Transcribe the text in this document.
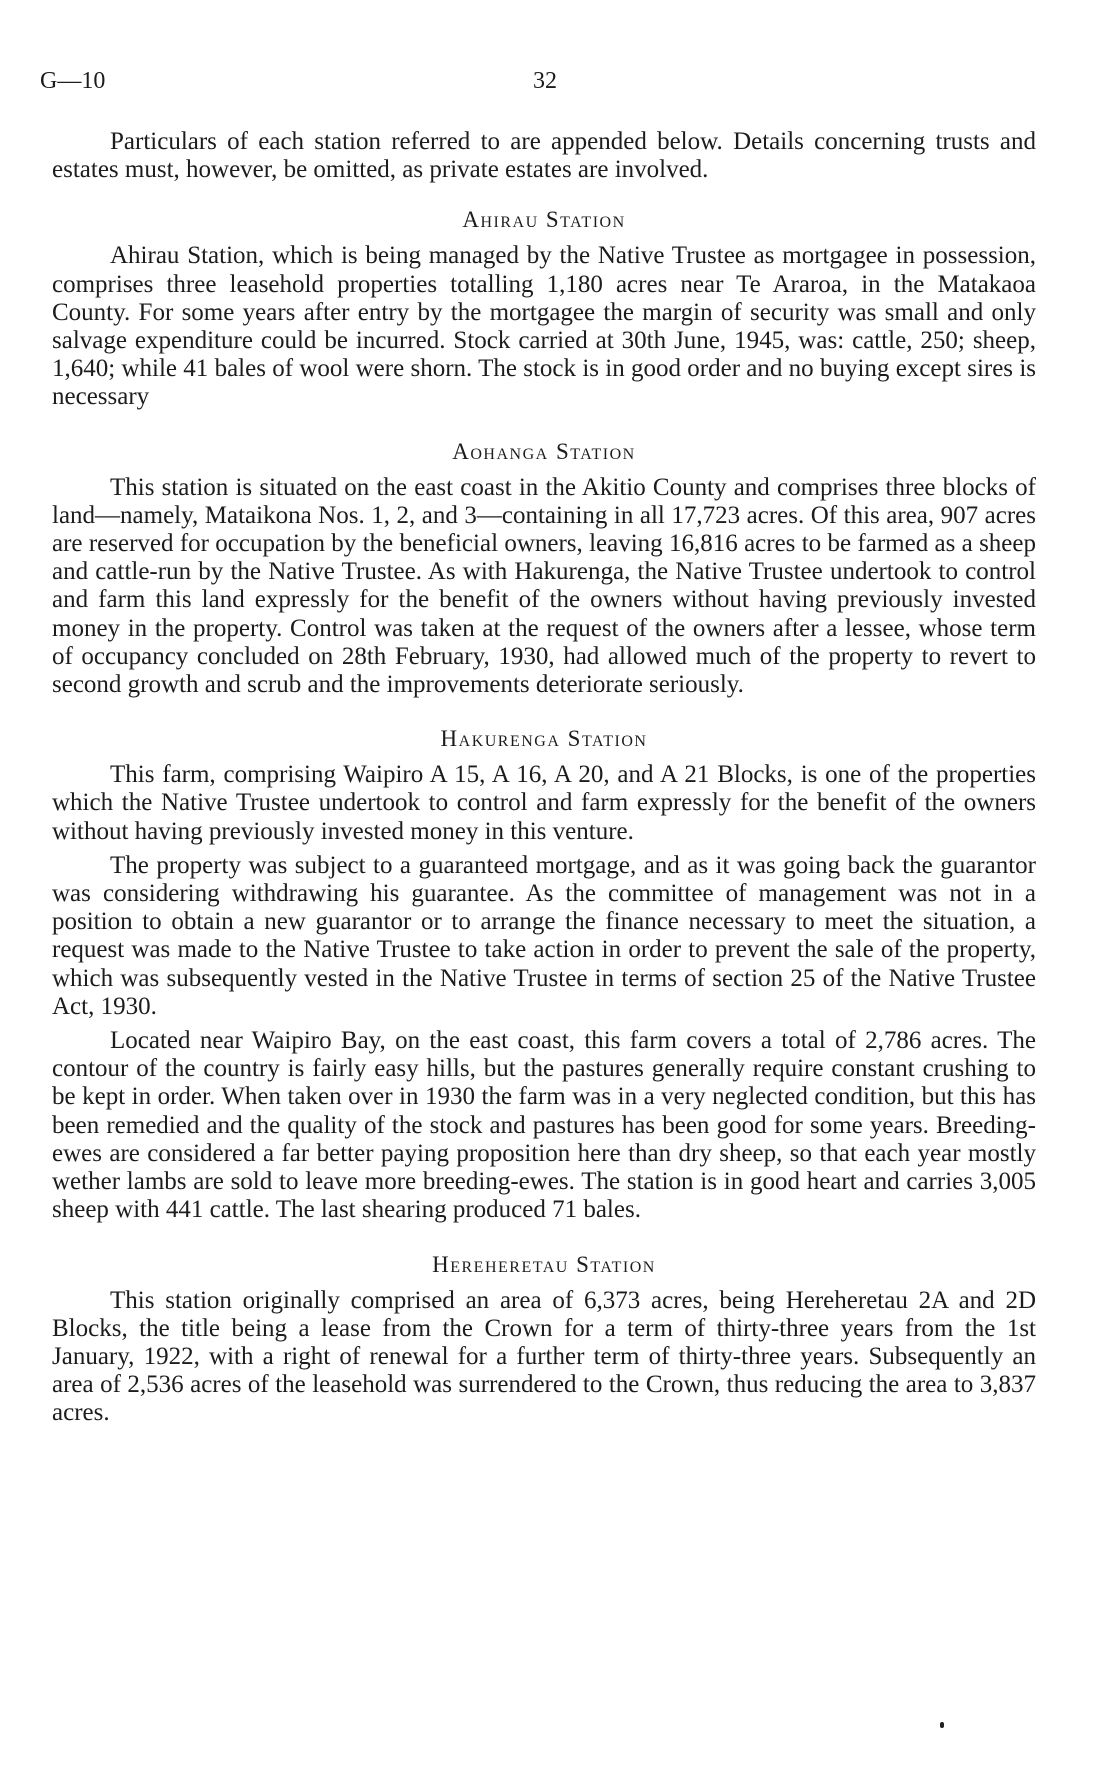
G—10	32

Particulars of each station referred to are appended below. Details concerning trusts and estates must, however, be omitted, as private estates are involved.

Ahirau Station

Ahirau Station, which is being managed by the Native Trustee as mortgagee in possession, comprises three leasehold properties totalling 1,180 acres near Te Araroa, in the Matakaoa County. For some years after entry by the mortgagee the margin of security was small and only salvage expenditure could be incurred. Stock carried at 30th June, 1945, was: cattle, 250; sheep, 1,640; while 41 bales of wool were shorn. The stock is in good order and no buying except sires is necessary

Aohanga Station

This station is situated on the east coast in the Akitio County and comprises three blocks of land—namely, Mataikona Nos. 1, 2, and 3—containing in all 17,723 acres. Of this area, 907 acres are reserved for occupation by the beneficial owners, leaving 16,816 acres to be farmed as a sheep and cattle-run by the Native Trustee. As with Hakurenga, the Native Trustee undertook to control and farm this land expressly for the benefit of the owners without having previously invested money in the property. Control was taken at the request of the owners after a lessee, whose term of occupancy concluded on 28th February, 1930, had allowed much of the property to revert to second growth and scrub and the improvements deteriorate seriously.

Hakurenga Station

This farm, comprising Waipiro A 15, A 16, A 20, and A 21 Blocks, is one of the properties which the Native Trustee undertook to control and farm expressly for the benefit of the owners without having previously invested money in this venture.

The property was subject to a guaranteed mortgage, and as it was going back the guarantor was considering withdrawing his guarantee. As the committee of management was not in a position to obtain a new guarantor or to arrange the finance necessary to meet the situation, a request was made to the Native Trustee to take action in order to prevent the sale of the property, which was subsequently vested in the Native Trustee in terms of section 25 of the Native Trustee Act, 1930.

Located near Waipiro Bay, on the east coast, this farm covers a total of 2,786 acres. The contour of the country is fairly easy hills, but the pastures generally require constant crushing to be kept in order. When taken over in 1930 the farm was in a very neglected condition, but this has been remedied and the quality of the stock and pastures has been good for some years. Breeding-ewes are considered a far better paying proposition here than dry sheep, so that each year mostly wether lambs are sold to leave more breeding-ewes. The station is in good heart and carries 3,005 sheep with 441 cattle. The last shearing produced 71 bales.

Hereheretau Station

This station originally comprised an area of 6,373 acres, being Hereheretau 2A and 2D Blocks, the title being a lease from the Crown for a term of thirty-three years from the 1st January, 1922, with a right of renewal for a further term of thirty-three years. Subsequently an area of 2,536 acres of the leasehold was surrendered to the Crown, thus reducing the area to 3,837 acres.
